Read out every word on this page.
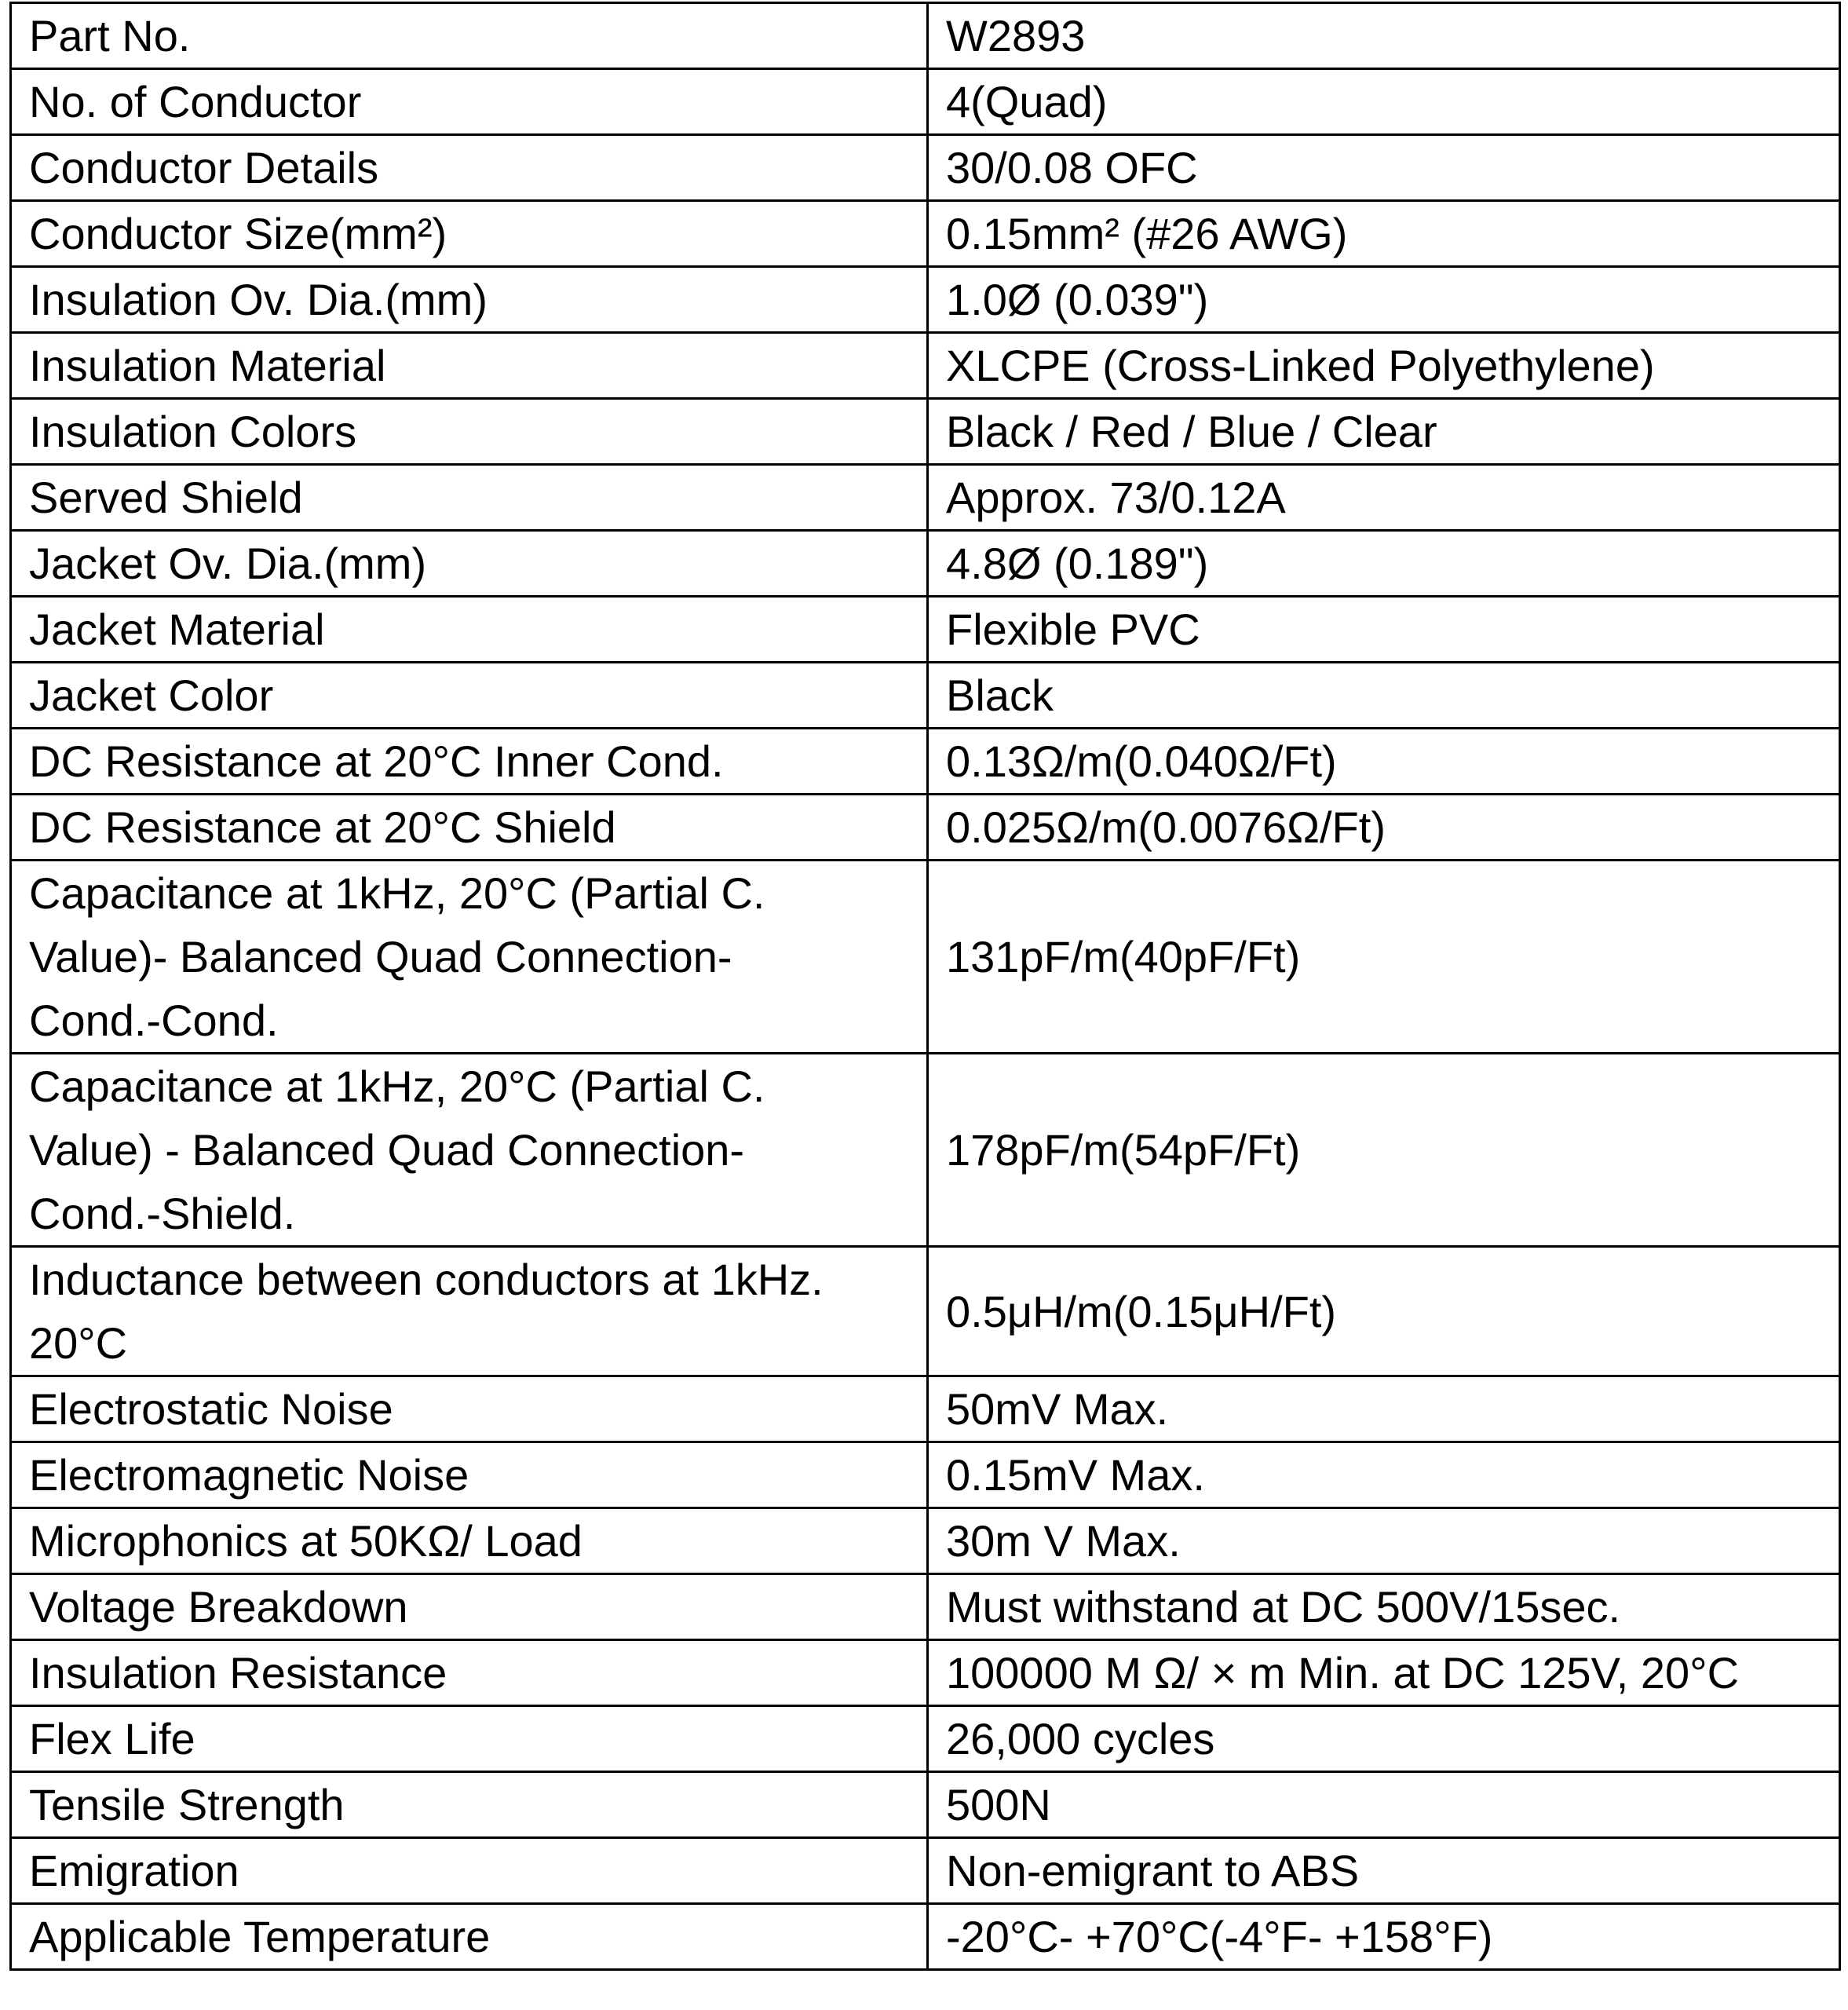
Part No.	W2893
No. of Conductor	4(Quad)
Conductor Details	30/0.08 OFC
Conductor Size(mm²)	0.15mm² (#26 AWG)
Insulation Ov. Dia.(mm)	1.0Ø (0.039")
Insulation Material	XLCPE (Cross-Linked Polyethylene)
Insulation Colors	Black / Red / Blue / Clear
Served Shield	Approx. 73/0.12A
Jacket Ov. Dia.(mm)	4.8Ø (0.189")
Jacket Material	Flexible PVC
Jacket Color	Black
DC Resistance at 20°C Inner Cond.	0.13Ω/m(0.040Ω/Ft)
DC Resistance at 20°C Shield	0.025Ω/m(0.0076Ω/Ft)
Capacitance at 1kHz, 20°C (Partial C.
Value)- Balanced Quad Connection-
Cond.-Cond.	131pF/m(40pF/Ft)
Capacitance at 1kHz, 20°C (Partial C.
Value) - Balanced Quad Connection-
Cond.-Shield.	178pF/m(54pF/Ft)
Inductance between conductors at 1kHz.
20°C	0.5μH/m(0.15μH/Ft)
Electrostatic Noise	50mV Max.
Electromagnetic Noise	0.15mV Max.
Microphonics at 50KΩ/ Load	30m V Max.
Voltage Breakdown	Must withstand at DC 500V/15sec.
Insulation Resistance	100000 M Ω/ × m Min. at DC 125V, 20°C
Flex Life	26,000 cycles
Tensile Strength	500N
Emigration	Non-emigrant to ABS
Applicable Temperature	-20°C- +70°C(-4°F- +158°F)
